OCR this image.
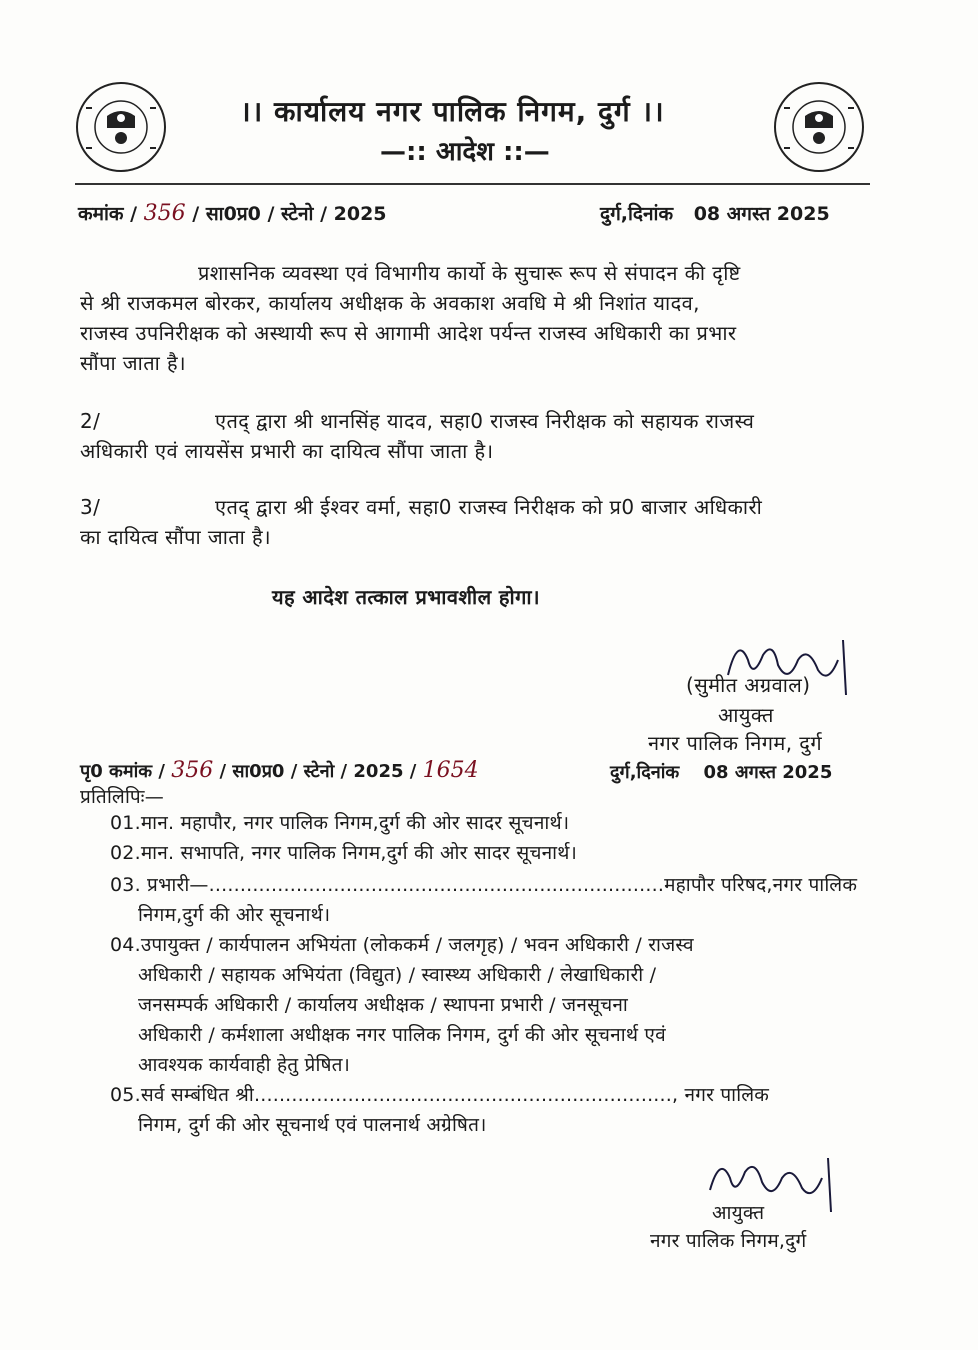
।। कार्यालय नगर पालिक निगम, दुर्ग ।।
—:: आदेश ::—
कमांक / 356 / सा0प्र0 / स्टेनो / 2025	दुर्ग,दिनांक 08 अगस्त 2025
प्रशासनिक व्यवस्था एवं विभागीय कार्यो के सुचारू रूप से संपादन की दृष्टि
से श्री राजकमल बोरकर, कार्यालय अधीक्षक के अवकाश अवधि मे श्री निशांत यादव,
राजस्व उपनिरीक्षक को अस्थायी रूप से आगामी आदेश पर्यन्त राजस्व अधिकारी का प्रभार
सौंपा जाता है।
2/	एतद् द्वारा श्री थानसिंह यादव, सहा0 राजस्व निरीक्षक को सहायक राजस्व
अधिकारी एवं लायसेंस प्रभारी का दायित्व सौंपा जाता है।
3/	एतद् द्वारा श्री ईश्वर वर्मा, सहा0 राजस्व निरीक्षक को प्र0 बाजार अधिकारी
का दायित्व सौंपा जाता है।
यह आदेश तत्काल प्रभावशील होगा।
(सुमीत अग्रवाल)
आयुक्त
नगर पालिक निगम, दुर्ग
पृ0 कमांक / 356 / सा0प्र0 / स्टेनो / 2025 / 1654	दुर्ग,दिनांक 08 अगस्त 2025
प्रतिलिपिः—
01.मान. महापौर, नगर पालिक निगम,दुर्ग की ओर सादर सूचनार्थ।
02.मान. सभापति, नगर पालिक निगम,दुर्ग की ओर सादर सूचनार्थ।
03. प्रभारी—.........................................................................महापौर परिषद,नगर पालिक
निगम,दुर्ग की ओर सूचनार्थ।
04.उपायुक्त / कार्यपालन अभियंता (लोककर्म / जलगृह) / भवन अधिकारी / राजस्व
अधिकारी / सहायक अभियंता (विद्युत) / स्वास्थ्य अधिकारी / लेखाधिकारी /
जनसम्पर्क अधिकारी / कार्यालय अधीक्षक / स्थापना प्रभारी / जनसूचना
अधिकारी / कर्मशाला अधीक्षक नगर पालिक निगम, दुर्ग की ओर सूचनार्थ एवं
आवश्यक कार्यवाही हेतु प्रेषित।
05.सर्व सम्बंधित श्री..................................................................., नगर पालिक
निगम, दुर्ग की ओर सूचनार्थ एवं पालनार्थ अग्रेषित।
आयुक्त
नगर पालिक निगम,दुर्ग
